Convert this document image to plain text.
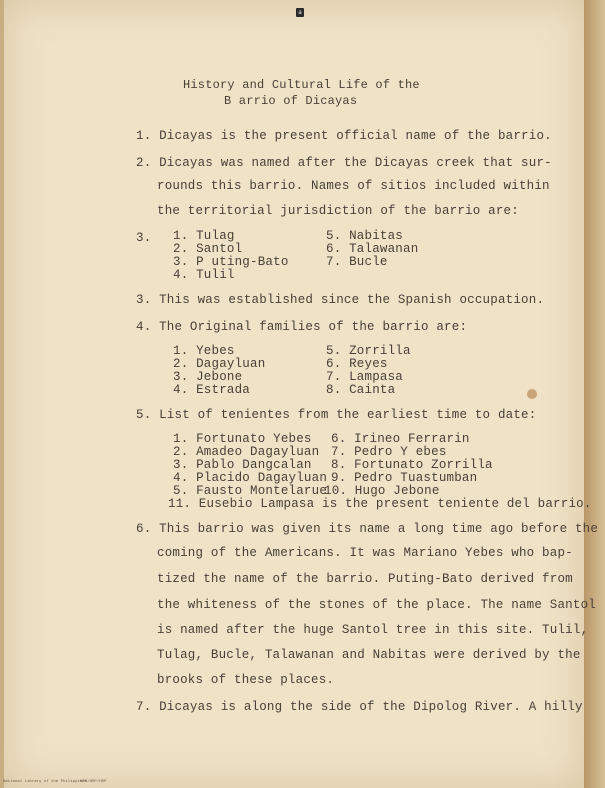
a
History and Cultural Life of the
B arrio of Dicayas
1. Dicayas is the present official name of the barrio.
2. Dicayas was named after the Dicayas creek that sur-
rounds this barrio. Names of sitios included within
the territorial jurisdiction of the barrio are:
3. 1. Tulag
2. Santol
3. P uting-Bato
4. Tulil
5. Nabitas
6. Talawanan
7. Bucle
3. This was established since the Spanish occupation.
4. The Original families of the barrio are:
1. Yebes
2. Dagayluan
3. Jebone
4. Estrada
5. Zorrilla
6. Reyes
7. Lampasa
8. Cainta
5. List of tenientes from the earliest time to date:
1. Fortunato Yebes
2. Amadeo Dagayluan
3. Pablo Dangcalan
4. Placido Dagayluan
5. Fausto Montelarue
6. Irineo Ferrarin
7. Pedro Y ebes
8. Fortunato Zorrilla
9. Pedro Tuastumban
10. Hugo Jebone
11. Eusebio Lampasa is the present teniente del barrio.
6. This barrio was given its name a long time ago before the
coming of the Americans. It was Mariano Yebes who bap-
tized the name of the barrio. Puting-Bato derived from
the whiteness of the stones of the place. The name Santol
is named after the huge Santol tree in this site. Tulil,
Tulag, Bucle, Talawanan and Nabitas were derived by the
brooks of these places.
7. Dicayas is along the side of the Dipolog River. A hilly
National Library of the Philippines
HDP/HDP/HDP
